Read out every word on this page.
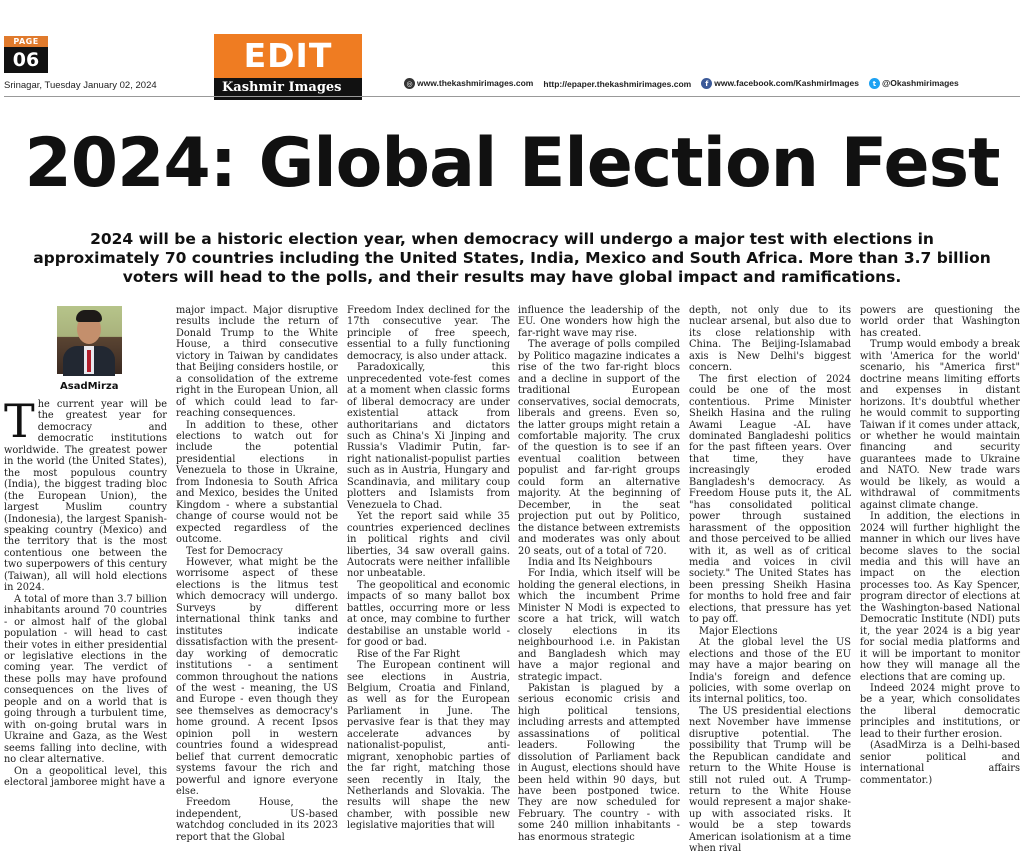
PAGE
06
Srinagar, Tuesday January 02, 2024
EDIT
Kashmir Images	◎ www.thekashmirimages.com http://epaper.thekashmirimages.com	f www.facebook.com/KashmirImages	t @Okashmirimages
2024: Global Election Fest
2024 will be a historic election year, when democracy will undergo a major test with elections in approximately 70 countries including the United States, India, Mexico and South Africa. More than 3.7 billion voters will head to the polls, and their results may have global impact and ramifications.
AsadMirza

The current year will be the greatest year for democracy and democratic institutions worldwide. The greatest power in the world (the United States), the most populous country (India), the biggest trading bloc (the European Union), the largest Muslim country (Indonesia), the largest Spanish-speaking country (Mexico) and the territory that is the most contentious one between the two superpowers of this century (Taiwan), all will hold elections in 2024.

A total of more than 3.7 billion inhabitants around 70 countries - or almost half of the global population - will head to cast their votes in either presidential or legislative elections in the coming year. The verdict of these polls may have profound consequences on the lives of people and on a world that is going through a turbulent time, with on-going brutal wars in Ukraine and Gaza, as the West seems falling into decline, with no clear alternative.

On a geopolitical level, this electoral jamboree might have a

major impact. Major disruptive results include the return of Donald Trump to the White House, a third consecutive victory in Taiwan by candidates that Beijing considers hostile, or a consolidation of the extreme right in the European Union, all of which could lead to far-reaching consequences.

In addition to these, other elections to watch out for include the potential presidential elections in Venezuela to those in Ukraine, from Indonesia to South Africa and Mexico, besides the United Kingdom - where a substantial change of course would not be expected regardless of the outcome.

Test for Democracy

However, what might be the worrisome aspect of these elections is the litmus test which democracy will undergo. Surveys by different international think tanks and institutes indicate dissatisfaction with the present-day working of democratic institutions - a sentiment common throughout the nations of the west - meaning, the US and Europe - even though they see themselves as democracy's home ground. A recent Ipsos opinion poll in western countries found a widespread belief that current democratic systems favour the rich and powerful and ignore everyone else.

Freedom House, the independent, US-based watchdog concluded in its 2023 report that the Global

Freedom Index declined for the 17th consecutive year. The principle of free speech, essential to a fully functioning democracy, is also under attack.

Paradoxically, this unprecedented vote-fest comes at a moment when classic forms of liberal democracy are under existential attack from authoritarians and dictators such as China's Xi Jinping and Russia's Vladimir Putin, far-right nationalist-populist parties such as in Austria, Hungary and Scandinavia, and military coup plotters and Islamists from Venezuela to Chad.

Yet the report said while 35 countries experienced declines in political rights and civil liberties, 34 saw overall gains. Autocrats were neither infallible nor unbeatable.

The geopolitical and economic impacts of so many ballot box battles, occurring more or less at once, may combine to further destabilise an unstable world - for good or bad.

Rise of the Far Right

The European continent will see elections in Austria, Belgium, Croatia and Finland, as well as for the European Parliament in June. The pervasive fear is that they may accelerate advances by nationalist-populist, anti-migrant, xenophobic parties of the far right, matching those seen recently in Italy, the Netherlands and Slovakia. The results will shape the new chamber, with possible new legislative majorities that will

influence the leadership of the EU. One wonders how high the far-right wave may rise.

The average of polls compiled by Politico magazine indicates a rise of the two far-right blocs and a decline in support of the traditional European conservatives, social democrats, liberals and greens. Even so, the latter groups might retain a comfortable majority. The crux of the question is to see if an eventual coalition between populist and far-right groups could form an alternative majority. At the beginning of December, in the seat projection put out by Politico, the distance between extremists and moderates was only about 20 seats, out of a total of 720.

India and Its Neighbours

For India, which itself will be holding the general elections, in which the incumbent Prime Minister N Modi is expected to score a hat trick, will watch closely elections in its neighbourhood i.e. in Pakistan and Bangladesh which may have a major regional and strategic impact.

Pakistan is plagued by a serious economic crisis and high political tensions, including arrests and attempted assassinations of political leaders. Following the dissolution of Parliament back in August, elections should have been held within 90 days, but have been postponed twice. They are now scheduled for February. The country - with some 240 million inhabitants - has enormous strategic

depth, not only due to its nuclear arsenal, but also due to its close relationship with China. The Beijing-Islamabad axis is New Delhi's biggest concern.

The first election of 2024 could be one of the most contentious. Prime Minister Sheikh Hasina and the ruling Awami League -AL have dominated Bangladeshi politics for the past fifteen years. Over that time, they have increasingly eroded Bangladesh's democracy. As Freedom House puts it, the AL "has consolidated political power through sustained harassment of the opposition and those perceived to be allied with it, as well as of critical media and voices in civil society." The United States has been pressing Sheikh Hasina for months to hold free and fair elections, that pressure has yet to pay off.

Major Elections

At the global level the US elections and those of the EU may have a major bearing on India's foreign and defence policies, with some overlap on its internal politics, too.

The US presidential elections next November have immense disruptive potential. The possibility that Trump will be the Republican candidate and return to the White House is still not ruled out. A Trump-return to the White House would represent a major shake-up with associated risks. It would be a step towards American isolationism at a time when rival

powers are questioning the world order that Washington has created.

Trump would embody a break with 'America for the world' scenario, his "America first" doctrine means limiting efforts and expenses in distant horizons. It's doubtful whether he would commit to supporting Taiwan if it comes under attack, or whether he would maintain financing and security guarantees made to Ukraine and NATO. New trade wars would be likely, as would a withdrawal of commitments against climate change.

In addition, the elections in 2024 will further highlight the manner in which our lives have become slaves to the social media and this will have an impact on the election processes too. As Kay Spencer, program director of elections at the Washington-based National Democratic Institute (NDI) puts it, the year 2024 is a big year for social media platforms and it will be important to monitor how they will manage all the elections that are coming up.

Indeed 2024 might prove to be a year, which consolidates the liberal democratic principles and institutions, or lead to their further erosion.

(AsadMirza is a Delhi-based senior political and international affairs commentator.)
